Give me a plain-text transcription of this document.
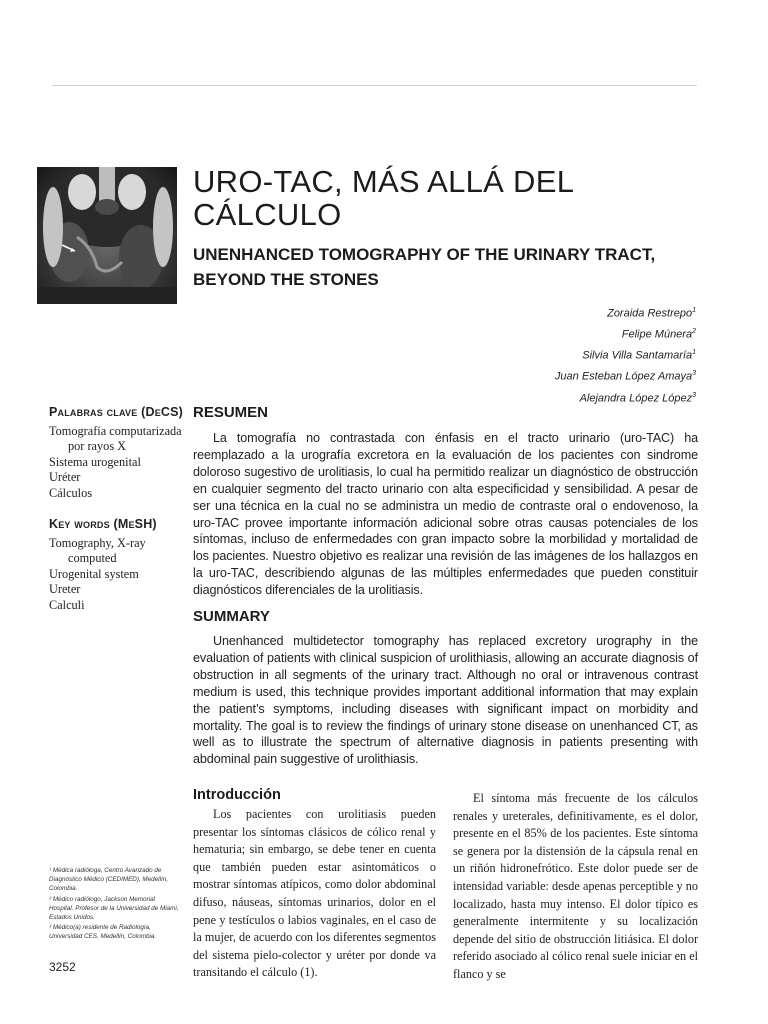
URO-TAC, MÁS ALLÁ DEL CÁLCULO
UNENHANCED TOMOGRAPHY OF THE URINARY TRACT, BEYOND THE STONES
Zoraida Restrepo$^1$
Felipe Múnera$^2$
Silvia Villa Santamaría$^1$
Juan Esteban López Amaya$^3$
Alejandra López López$^3$
Palabras clave (DeCS)

Tomografía computarizada

por rayos X

Sistema urogenital

Uréter

Cálculos

Key words (MeSH)

Tomography, X-ray

computed

Urogenital system

Ureter

Calculi

RESUMEN

La tomografía no contrastada con énfasis en el tracto urinario (uro-TAC) ha reemplazado a la urografía excretora en la evaluación de los pacientes con sindrome doloroso sugestivo de urolitiasis, lo cual ha permitido realizar un diagnóstico de obstrucción en cualquier segmento del tracto urinario con alta especificidad y sensibilidad. A pesar de ser una técnica en la cual no se administra un medio de contraste oral o endovenoso, la uro-TAC provee importante información adicional sobre otras causas potenciales de los síntomas, incluso de enfermedades con gran impacto sobre la morbilidad y mortalidad de los pacientes. Nuestro objetivo es realizar una revisión de las imágenes de los hallazgos en la uro-TAC, describiendo algunas de las múltiples enfermedades que pueden constituir diagnósticos diferenciales de la urolitiasis.

SUMMARY

Unenhanced multidetector tomography has replaced excretory urography in the evaluation of patients with clinical suspicion of urolithiasis, allowing an accurate diagnosis of obstruction in all segments of the urinary tract. Although no oral or intravenous contrast medium is used, this technique provides important additional information that may explain the patient’s symptoms, including diseases with significant impact on morbidity and mortality. The goal is to review the findings of urinary stone disease on unenhanced CT, as well as to illustrate the spectrum of alternative diagnosis in patients presenting with abdominal pain suggestive of urolithiasis.

Introducción

Los pacientes con urolitiasis pueden presentar los síntomas clásicos de cólico renal y hematuria; sin embargo, se debe tener en cuenta que también pueden estar asintomáticos o mostrar síntomas atípicos, como dolor abdominal difuso, náuseas, síntomas urinarios, dolor en el pene y testículos o labios vaginales, en el caso de la mujer, de acuerdo con los diferentes segmentos del sistema pielo-colector y uréter por donde va transitando el cálculo (1).

El síntoma más frecuente de los cálculos renales y ureterales, definitivamente, es el dolor, presente en el 85% de los pacientes. Este síntoma se genera por la distensión de la cápsula renal en un riñón hidronefrótico. Este dolor puede ser de intensidad variable: desde apenas perceptible y no localizado, hasta muy intenso. El dolor típico es generalmente intermitente y su localización depende del sitio de obstrucción litiásica. El dolor referido asociado al cólico renal suele iniciar en el flanco y se

¹ Médica radióloga, Centro Avanzado de Diagnóstico Médico (CEDIMED), Medellín, Colombia.

² Médico radiólogo, Jackson Memorial Hospital. Profesor de la Universidad de Miami, Estados Unidos.

³ Médico(a) residente de Radiología, Universidad CES, Medellín, Colombia.

3252
